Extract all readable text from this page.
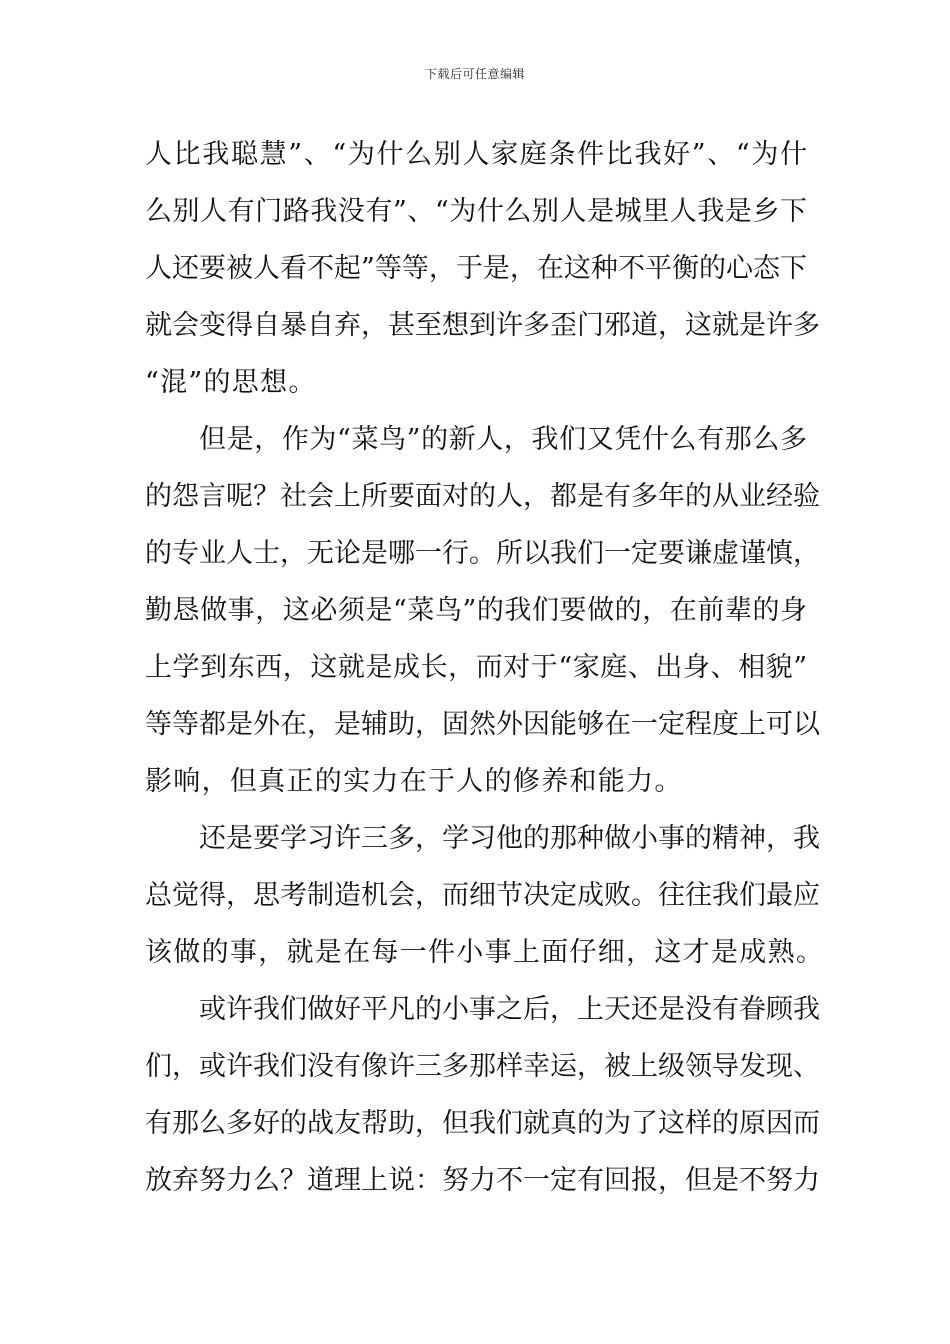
下载后可任意编辑
人比我聪慧”、“为什么别人家庭条件比我好”、“为什
么别人有门路我没有”、“为什么别人是城里人我是乡下
人还要被人看不起”等等，于是，在这种不平衡的心态下
就会变得自暴自弃，甚至想到许多歪门邪道，这就是许多
“混”的思想。
但是，作为“菜鸟”的新人，我们又凭什么有那么多
的怨言呢？社会上所要面对的人，都是有多年的从业经验
的专业人士，无论是哪一行。所以我们一定要谦虚谨慎，
勤恳做事，这必须是“菜鸟”的我们要做的，在前辈的身
上学到东西，这就是成长，而对于“家庭、出身、相貌”
等等都是外在，是辅助，固然外因能够在一定程度上可以
影响，但真正的实力在于人的修养和能力。
还是要学习许三多，学习他的那种做小事的精神，我
总觉得，思考制造机会，而细节决定成败。往往我们最应
该做的事，就是在每一件小事上面仔细，这才是成熟。
或许我们做好平凡的小事之后，上天还是没有眷顾我
们，或许我们没有像许三多那样幸运，被上级领导发现、
有那么多好的战友帮助，但我们就真的为了这样的原因而
放弃努力么？道理上说：努力不一定有回报，但是不努力
